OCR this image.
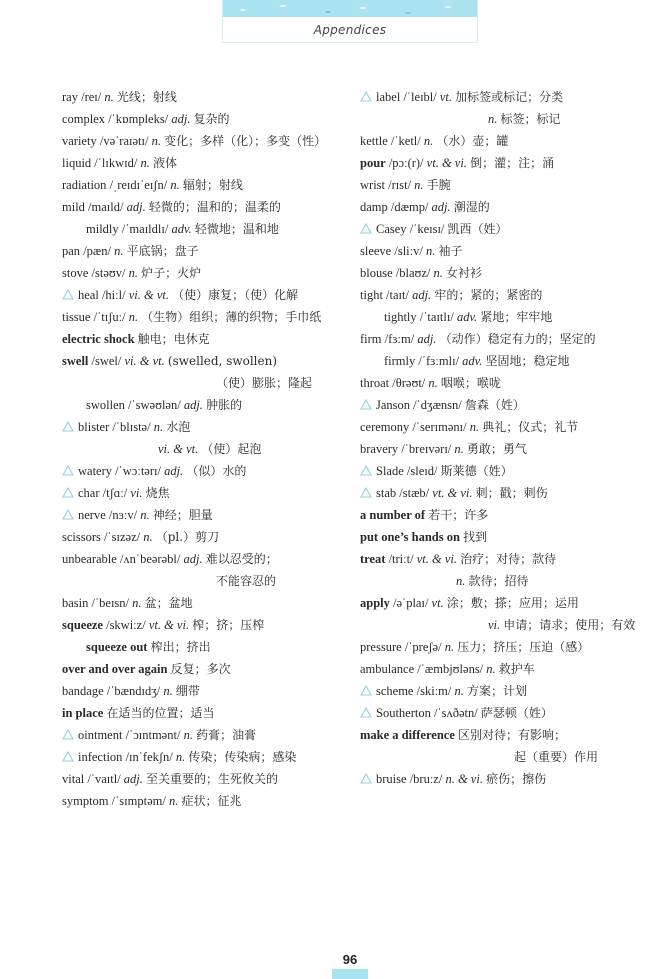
Appendices
ray /reɪ/ n. 光线；射线
complex /ˈkɒmpleks/ adj. 复杂的
variety /vəˈraɪətɪ/ n. 变化；多样（化）；多变（性）
liquid /ˈlɪkwɪd/ n. 液体
radiation /ˌreɪdɪˈeɪʃn/ n. 辐射；射线
mild /maɪld/ adj. 轻微的；温和的；温柔的
mildly /ˈmaɪldlɪ/ adv. 轻微地；温和地
pan /pæn/ n. 平底锅；盘子
stove /stəʊv/ n. 炉子；火炉
heal /hiːl/ vi. & vt. （使）康复；（使）化解
tissue /ˈtɪʃuː/ n. （生物）组织；薄的织物；手巾纸
electric shock 触电；电休克
swell /swel/ vi. & vt. (swelled, swollen)
（使）膨胀；隆起
swollen /ˈswəʊlən/ adj. 肿胀的
blister /ˈblɪstə/ n. 水泡
vi. & vt. （使）起泡
watery /ˈwɔːtərɪ/ adj. （似）水的
char /tʃɑː/ vi. 烧焦
nerve /nɜːv/ n. 神经；胆量
scissors /ˈsɪzəz/ n. （pl.）剪刀
unbearable /ʌnˈbeərəbl/ adj. 难以忍受的；
不能容忍的
basin /ˈbeɪsn/ n. 盆；盆地
squeeze /skwiːz/ vt. & vi. 榨；挤；压榨
squeeze out 榨出；挤出
over and over again 反复；多次
bandage /ˈbændɪdʒ/ n. 绷带
in place 在适当的位置；适当
ointment /ˈɔɪntmənt/ n. 药膏；油膏
infection /ɪnˈfekʃn/ n. 传染；传染病；感染
vital /ˈvaɪtl/ adj. 至关重要的；生死攸关的
symptom /ˈsɪmptəm/ n. 症状；征兆
label /ˈleɪbl/ vt. 加标签或标记；分类
n. 标签；标记
kettle /ˈketl/ n. （水）壶；罐
pour /pɔː(r)/ vt. & vi. 倒；灌；注；涌
wrist /rɪst/ n. 手腕
damp /dæmp/ adj. 潮湿的
Casey /ˈkeɪsɪ/ 凯西（姓）
sleeve /sliːv/ n. 袖子
blouse /blaʊz/ n. 女衬衫
tight /taɪt/ adj. 牢的；紧的；紧密的
tightly /ˈtaɪtlɪ/ adv. 紧地；牢牢地
firm /fɜːm/ adj. （动作）稳定有力的；坚定的
firmly /ˈfɜːmlɪ/ adv. 坚固地；稳定地
throat /θrəʊt/ n. 咽喉；喉咙
Janson /ˈdʒænsn/ 詹森（姓）
ceremony /ˈserɪmənɪ/ n. 典礼；仪式；礼节
bravery /ˈbreɪvərɪ/ n. 勇敢；勇气
Slade /sleɪd/ 斯莱德（姓）
stab /stæb/ vt. & vi. 刺；戳；刺伤
a number of 若干；许多
put one’s hands on 找到
treat /triːt/ vt. & vi. 治疗；对待；款待
n. 款待；招待
apply /əˈplaɪ/ vt. 涂；敷；搽；应用；运用
vi. 申请；请求；使用；有效
pressure /ˈpreʃə/ n. 压力；挤压；压迫（感）
ambulance /ˈæmbjʊləns/ n. 救护车
scheme /skiːm/ n. 方案；计划
Southerton /ˈsʌðətn/ 萨瑟顿（姓）
make a difference 区别对待；有影响；
起（重要）作用
bruise /bruːz/ n. & vi. 瘀伤；擦伤
96
